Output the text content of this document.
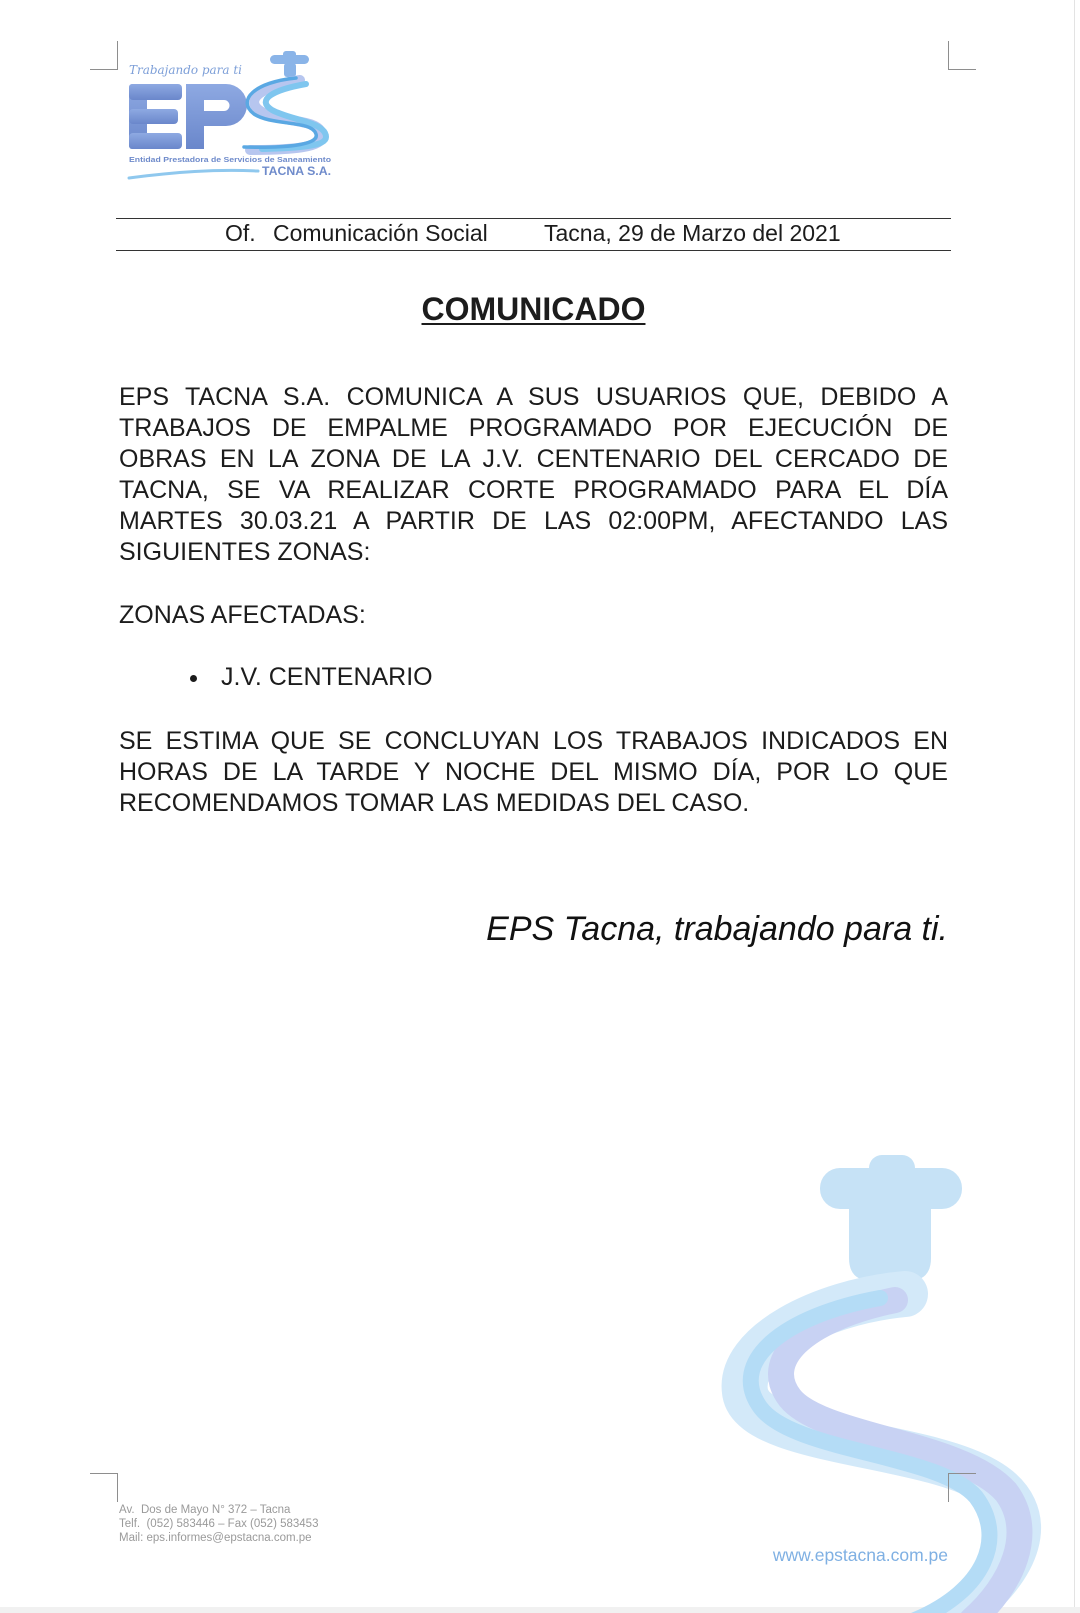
Trabajando para ti
Entidad Prestadora de Servicios de Saneamiento
TACNA S.A.
Of. Comunicación Social Tacna, 29 de Marzo del 2021
COMUNICADO
EPS TACNA S.A. COMUNICA A SUS USUARIOS QUE, DEBIDO A
TRABAJOS DE EMPALME PROGRAMADO POR EJECUCIÓN DE
OBRAS EN LA ZONA DE LA J.V. CENTENARIO DEL CERCADO DE
TACNA, SE VA REALIZAR CORTE PROGRAMADO PARA EL DÍA
MARTES 30.03.21 A PARTIR DE LAS 02:00PM, AFECTANDO LAS
SIGUIENTES ZONAS:
ZONAS AFECTADAS:
J.V. CENTENARIO
SE ESTIMA QUE SE CONCLUYAN LOS TRABAJOS INDICADOS EN
HORAS DE LA TARDE Y NOCHE DEL MISMO DÍA, POR LO QUE
RECOMENDAMOS TOMAR LAS MEDIDAS DEL CASO.
EPS Tacna, trabajando para ti.
Av.  Dos de Mayo N° 372 – Tacna
Telf.  (052) 583446 – Fax (052) 583453
Mail: eps.informes@epstacna.com.pe
www.epstacna.com.pe
